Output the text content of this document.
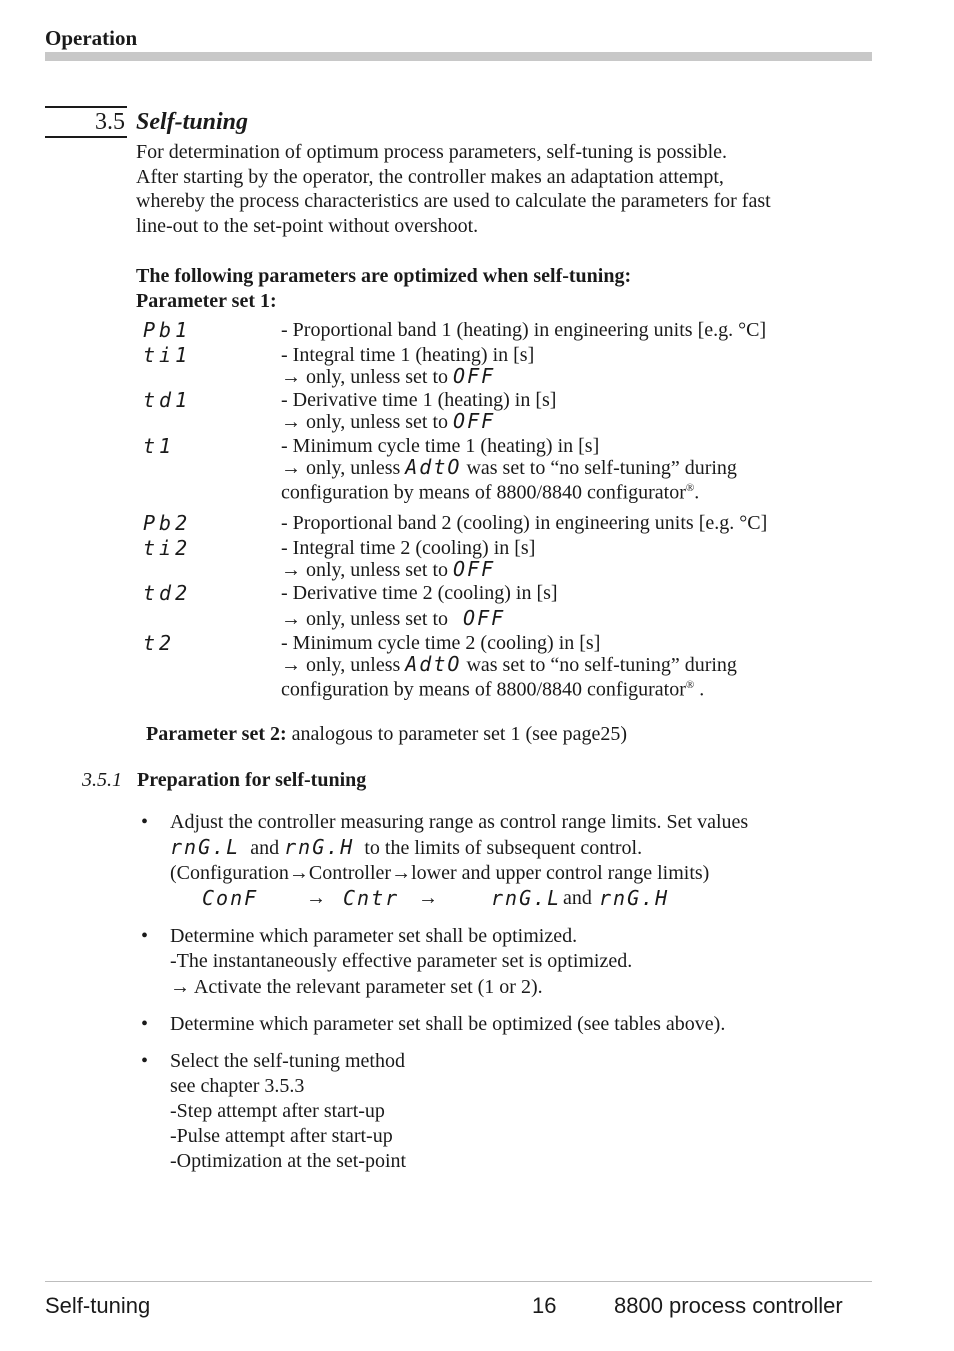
Operation
3.5 Self-tuning
For determination of optimum process parameters, self-tuning is possible.
After starting by the operator, the controller makes an adaptation attempt,
whereby the process characteristics are used to calculate the parameters for fast
line-out to the set-point without overshoot.
The following parameters are optimized when self-tuning:
Parameter set 1:
Pb1	- Proportional band 1 (heating) in engineering units [e.g. °C]
ti1	- Integral time 1 (heating) in [s]
→ only, unless set to OFF
td1	- Derivative time 1 (heating) in [s]
→ only, unless set to OFF
t1	- Minimum cycle time 1 (heating) in [s]
→ only, unless AdtO was set to “no self-tuning” during
configuration by means of 8800/8840 configurator®.
Pb2	- Proportional band 2 (cooling) in engineering units [e.g. °C]
ti2	- Integral time 2 (cooling) in [s]
→ only, unless set to OFF
td2	- Derivative time 2 (cooling) in [s]
→ only, unless set to OFF
t2	- Minimum cycle time 2 (cooling) in [s]
→ only, unless AdtO was set to “no self-tuning” during
configuration by means of 8800/8840 configurator® .
Parameter set 2: analogous to parameter set 1 (see page25)
3.5.1 Preparation for self-tuning
• Adjust the controller measuring range as control range limits. Set values
rnG.L and rnG.H to the limits of subsequent control.
(Configuration→Controller→lower and upper control range limits)
ConF → Cntr →	rnG.L and rnG.H
• Determine which parameter set shall be optimized.
-The instantaneously effective parameter set is optimized.
→ Activate the relevant parameter set (1 or 2).
• Determine which parameter set shall be optimized (see tables above).
• Select the self-tuning method
see chapter 3.5.3
-Step attempt after start-up
-Pulse attempt after start-up
-Optimization at the set-point
Self-tuning	16	8800 process controller
